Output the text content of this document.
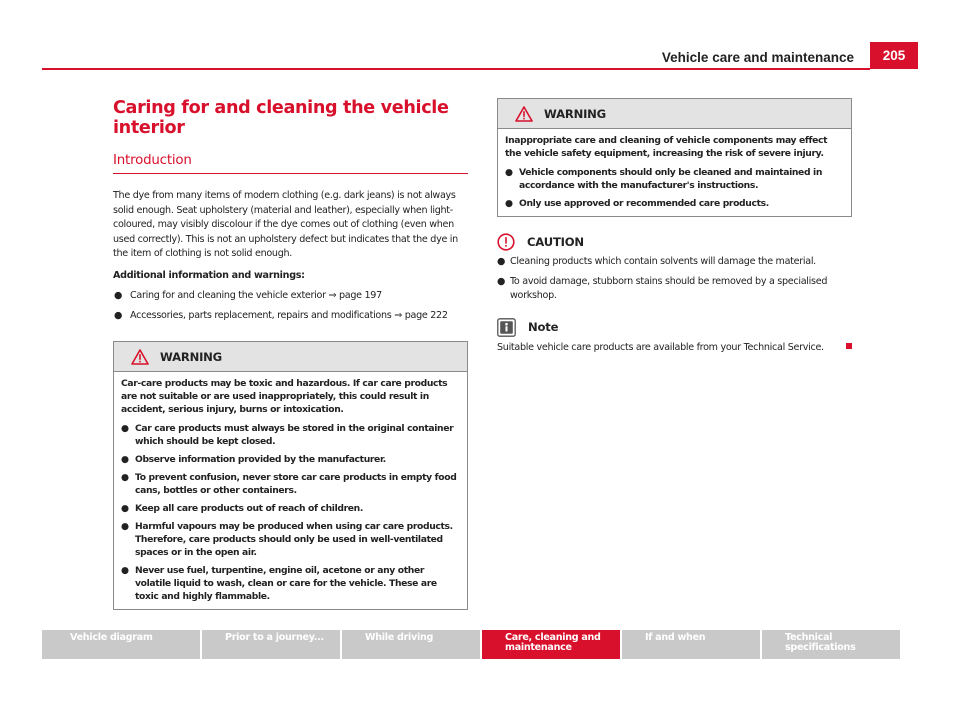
Vehicle care and maintenance	205
Caring for and cleaning the vehicle interior
Introduction

The dye from many items of modern clothing (e.g. dark jeans) is not always solid enough. Seat upholstery (material and leather), especially when light-coloured, may visibly discolour if the dye comes out of clothing (even when used correctly). This is not an upholstery defect but indicates that the dye in the item of clothing is not solid enough.

Additional information and warnings:

● Caring for and cleaning the vehicle exterior ⇒ page 197
● Accessories, parts replacement, repairs and modifications ⇒ page 222
WARNING

Car-care products may be toxic and hazardous. If car care products are not suitable or are used inappropriately, this could result in accident, serious injury, burns or intoxication.

● Car care products must always be stored in the original container which should be kept closed.
● Observe information provided by the manufacturer.
● To prevent confusion, never store car care products in empty food cans, bottles or other containers.
● Keep all care products out of reach of children.
● Harmful vapours may be produced when using car care products. Therefore, care products should only be used in well-ventilated spaces or in the open air.
● Never use fuel, turpentine, engine oil, acetone or any other volatile liquid to wash, clean or care for the vehicle. These are toxic and highly flammable.
WARNING

Inappropriate care and cleaning of vehicle components may effect the vehicle safety equipment, increasing the risk of severe injury.

● Vehicle components should only be cleaned and maintained in accordance with the manufacturer's instructions.
● Only use approved or recommended care products.
CAUTION
● Cleaning products which contain solvents will damage the material.
● To avoid damage, stubborn stains should be removed by a specialised workshop.
Note

Suitable vehicle care products are available from your Technical Service.

Vehicle diagram	Prior to a journey...	While driving	Care, cleaning and maintenance
If and when	Technical specifications
